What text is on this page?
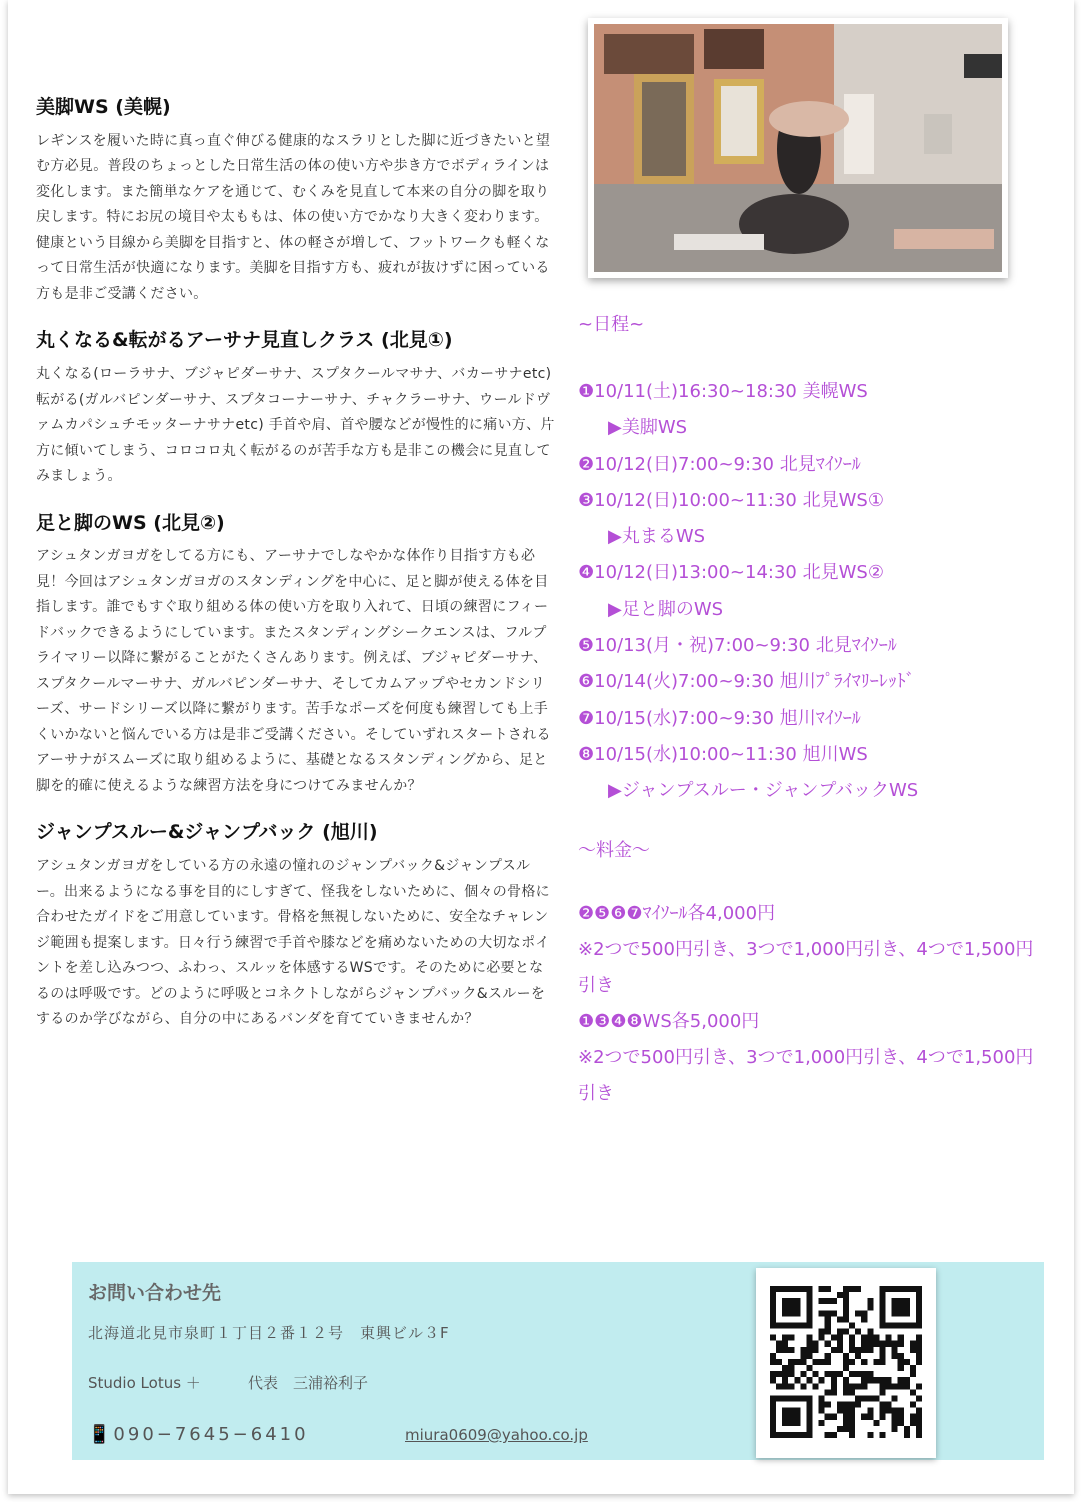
美脚WS (美幌)

レギンスを履いた時に真っ直ぐ伸びる健康的なスラリとした脚に近づきたいと望む方必見。普段のちょっとした日常生活の体の使い方や歩き方でボディラインは変化します。また簡単なケアを通じて、むくみを見直して本来の自分の脚を取り戻します。特にお尻の境目や太ももは、体の使い方でかなり大きく変わります。健康という目線から美脚を目指すと、体の軽さが増して、フットワークも軽くなって日常生活が快適になります。美脚を目指す方も、疲れが抜けずに困っている方も是非ご受講ください。

丸くなる&転がるアーサナ見直しクラス (北見①)

丸くなる(ローラサナ、ブジャピダーサナ、スプタクールマサナ、バカーサナetc) 転がる(ガルバピンダーサナ、スプタコーナーサナ、チャクラーサナ、ウールドヴァムカパシュチモッターナサナetc) 手首や肩、首や腰などが慢性的に痛い方、片方に傾いてしまう、コロコロ丸く転がるのが苦手な方も是非この機会に見直してみましょう。

足と脚のWS (北見②)

アシュタンガヨガをしてる方にも、アーサナでしなやかな体作り目指す方も必見！今回はアシュタンガヨガのスタンディングを中心に、足と脚が使える体を目指します。誰でもすぐ取り組める体の使い方を取り入れて、日頃の練習にフィードバックできるようにしています。またスタンディングシークエンスは、フルプライマリー以降に繋がることがたくさんあります。例えば、ブジャピダーサナ、スプタクールマーサナ、ガルバピンダーサナ、そしてカムアップやセカンドシリーズ、サードシリーズ以降に繋がります。苦手なポーズを何度も練習しても上手くいかないと悩んでいる方は是非ご受講ください。そしていずれスタートされるアーサナがスムーズに取り組めるように、基礎となるスタンディングから、足と脚を的確に使えるような練習方法を身につけてみませんか？

ジャンプスルー&ジャンプバック (旭川)

アシュタンガヨガをしている方の永遠の憧れのジャンプバック&ジャンプスルー。出来るようになる事を目的にしすぎて、怪我をしないために、個々の骨格に合わせたガイドをご用意しています。骨格を無視しないために、安全なチャレンジ範囲も提案します。日々行う練習で手首や膝などを痛めないための大切なポイントを差し込みつつ、ふわっ、スルッを体感するWSです。そのために必要となるのは呼吸です。どのように呼吸とコネクトしながらジャンプバック&スルーをするのか学びながら、自分の中にあるバンダを育てていきませんか？

~日程~

❶10/11(土)16:30~18:30 美幌WS
▶美脚WS
❷10/12(日)7:00~9:30 北見ﾏｲｿｰﾙ
❸10/12(日)10:00~11:30 北見WS①
▶丸まるWS
❹10/12(日)13:00~14:30 北見WS②
▶足と脚のWS
❺10/13(月・祝)7:00~9:30 北見ﾏｲｿｰﾙ
❻10/14(火)7:00~9:30 旭川ﾌﾟﾗｲﾏﾘｰﾚｯﾄﾞ
❼10/15(水)7:00~9:30 旭川ﾏｲｿｰﾙ
❽10/15(水)10:00~11:30 旭川WS
▶ジャンプスルー・ジャンプバックWS

〜料金〜

❷❺❻❼ﾏｲｿｰﾙ各4,000円

※2つで500円引き、3つで1,000円引き、4つで1,500円引き

❶❸❹❽WS各5,000円

※2つで500円引き、3つで1,000円引き、4つで1,500円引き

お問い合わせ先
北海道北見市泉町１丁目２番１２号　東興ビル３F
Studio Lotus ＋	代表　三浦裕利子
📱090−7645−6410	miura0609@yahoo.co.jp
